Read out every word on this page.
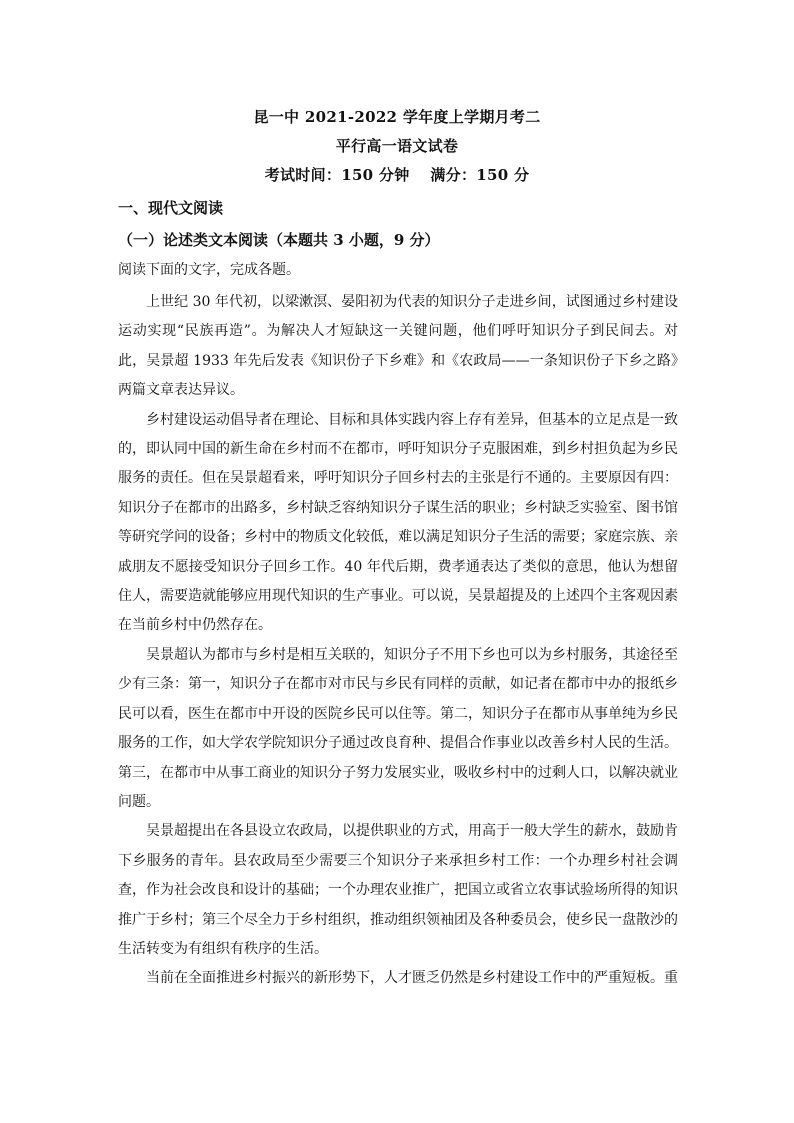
昆一中 2021-2022 学年度上学期月考二
平行高一语文试卷
考试时间：150 分钟　 满分：150 分
一、现代文阅读
（一）论述类文本阅读（本题共 3 小题，9 分）
阅读下面的文字，完成各题。

上世纪 30 年代初，以梁漱溟、晏阳初为代表的知识分子走进乡间，试图通过乡村建设运动实现“民族再造”。为解决人才短缺这一关键问题，他们呼吁知识分子到民间去。对此，吴景超 1933 年先后发表《知识份子下乡难》和《农政局——一条知识份子下乡之路》两篇文章表达异议。

乡村建设运动倡导者在理论、目标和具体实践内容上存有差异，但基本的立足点是一致的，即认同中国的新生命在乡村而不在都市，呼吁知识分子克服困难，到乡村担负起为乡民服务的责任。但在吴景超看来，呼吁知识分子回乡村去的主张是行不通的。主要原因有四：知识分子在都市的出路多，乡村缺乏容纳知识分子谋生活的职业；乡村缺乏实验室、图书馆等研究学问的设备；乡村中的物质文化较低，难以满足知识分子生活的需要；家庭宗族、亲戚朋友不愿接受知识分子回乡工作。40 年代后期，费孝通表达了类似的意思，他认为想留住人，需要造就能够应用现代知识的生产事业。可以说，吴景超提及的上述四个主客观因素在当前乡村中仍然存在。

吴景超认为都市与乡村是相互关联的，知识分子不用下乡也可以为乡村服务，其途径至少有三条：第一，知识分子在都市对市民与乡民有同样的贡献，如记者在都市中办的报纸乡民可以看，医生在都市中开设的医院乡民可以住等。第二，知识分子在都市从事单纯为乡民服务的工作，如大学农学院知识分子通过改良育种、提倡合作事业以改善乡村人民的生活。第三，在都市中从事工商业的知识分子努力发展实业，吸收乡村中的过剩人口，以解决就业问题。

吴景超提出在各县设立农政局，以提供职业的方式，用高于一般大学生的薪水，鼓励肯下乡服务的青年。县农政局至少需要三个知识分子来承担乡村工作：一个办理乡村社会调查，作为社会改良和设计的基础；一个办理农业推广，把国立或省立农事试验场所得的知识推广于乡村；第三个尽全力于乡村组织，推动组织领袖团及各种委员会，使乡民一盘散沙的生活转变为有组织有秩序的生活。

当前在全面推进乡村振兴的新形势下，人才匮乏仍然是乡村建设工作中的严重短板。重
